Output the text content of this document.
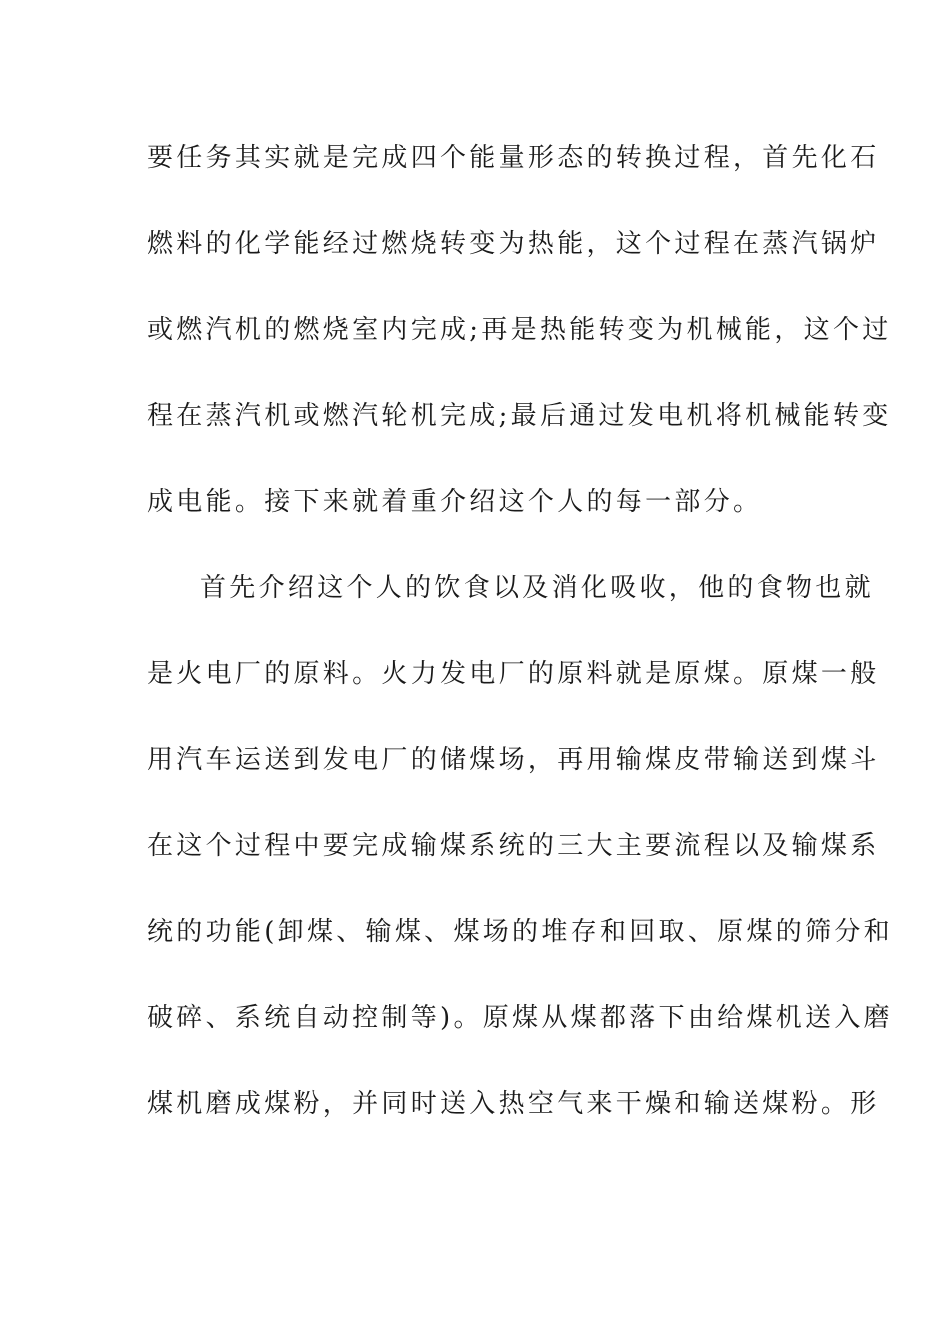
要任务其实就是完成四个能量形态的转换过程，首先化石
燃料的化学能经过燃烧转变为热能，这个过程在蒸汽锅炉
或燃汽机的燃烧室内完成;再是热能转变为机械能，这个过
程在蒸汽机或燃汽轮机完成;最后通过发电机将机械能转变
成电能。接下来就着重介绍这个人的每一部分。
首先介绍这个人的饮食以及消化吸收，他的食物也就
是火电厂的原料。火力发电厂的原料就是原煤。原煤一般
用汽车运送到发电厂的储煤场，再用输煤皮带输送到煤斗
在这个过程中要完成输煤系统的三大主要流程以及输煤系
统的功能(卸煤、输煤、煤场的堆存和回取、原煤的筛分和
破碎、系统自动控制等)。原煤从煤都落下由给煤机送入磨
煤机磨成煤粉，并同时送入热空气来干燥和输送煤粉。形
